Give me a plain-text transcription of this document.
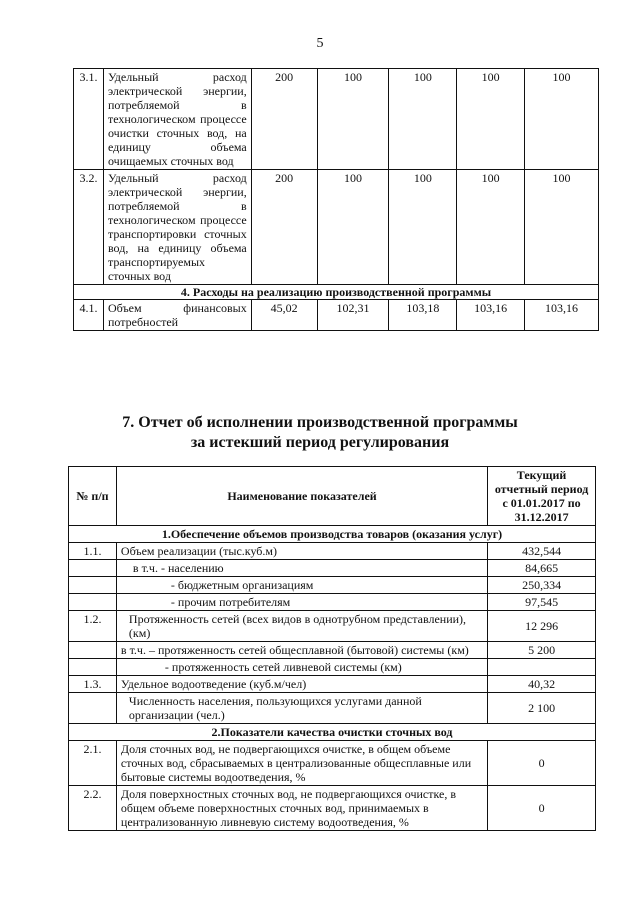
5
3.1.	Удельный расход электрической энергии, потребляемой в технологическом процессе очистки сточных вод, на единицу объема очищаемых сточных вод	200	100	100	100	100
3.2.	Удельный расход электрической энергии, потребляемой в технологическом процессе транспортировки сточных вод, на единицу объема транспортируемых сточных вод	200	100	100	100	100
4. Расходы на реализацию производственной программы						
4.1.	Объем финансовых потребностей	45,02	102,31	103,18	103,16	103,16
7. Отчет об исполнении производственной программы
за истекший период регулирования
№ п/п	Наименование показателей	Текущий отчетный период с 01.01.2017 по 31.12.2017
1.Обеспечение объемов производства товаров (оказания услуг)		
1.1.	Объем реализации (тыс.куб.м)	432,544
	в т.ч. - населению	84,665
	- бюджетным организациям	250,334
	- прочим потребителям	97,545
1.2.	Протяженность сетей (всех видов в однотрубном представлении), (км)	12 296
	в т.ч. – протяженность сетей общесплавной (бытовой) системы (км)	5 200
	- протяженность сетей ливневой системы (км)	
1.3.	Удельное водоотведение (куб.м/чел)	40,32
	Численность населения, пользующихся услугами данной организации (чел.)	2 100
2.Показатели качества очистки сточных вод		
2.1.	Доля сточных вод, не подвергающихся очистке, в общем объеме сточных вод, сбрасываемых в централизованные общесплавные или бытовые системы водоотведения, %	0
2.2.	Доля поверхностных сточных вод, не подвергающихся очистке, в общем объеме поверхностных сточных вод, принимаемых в централизованную ливневую систему водоотведения, %	0
